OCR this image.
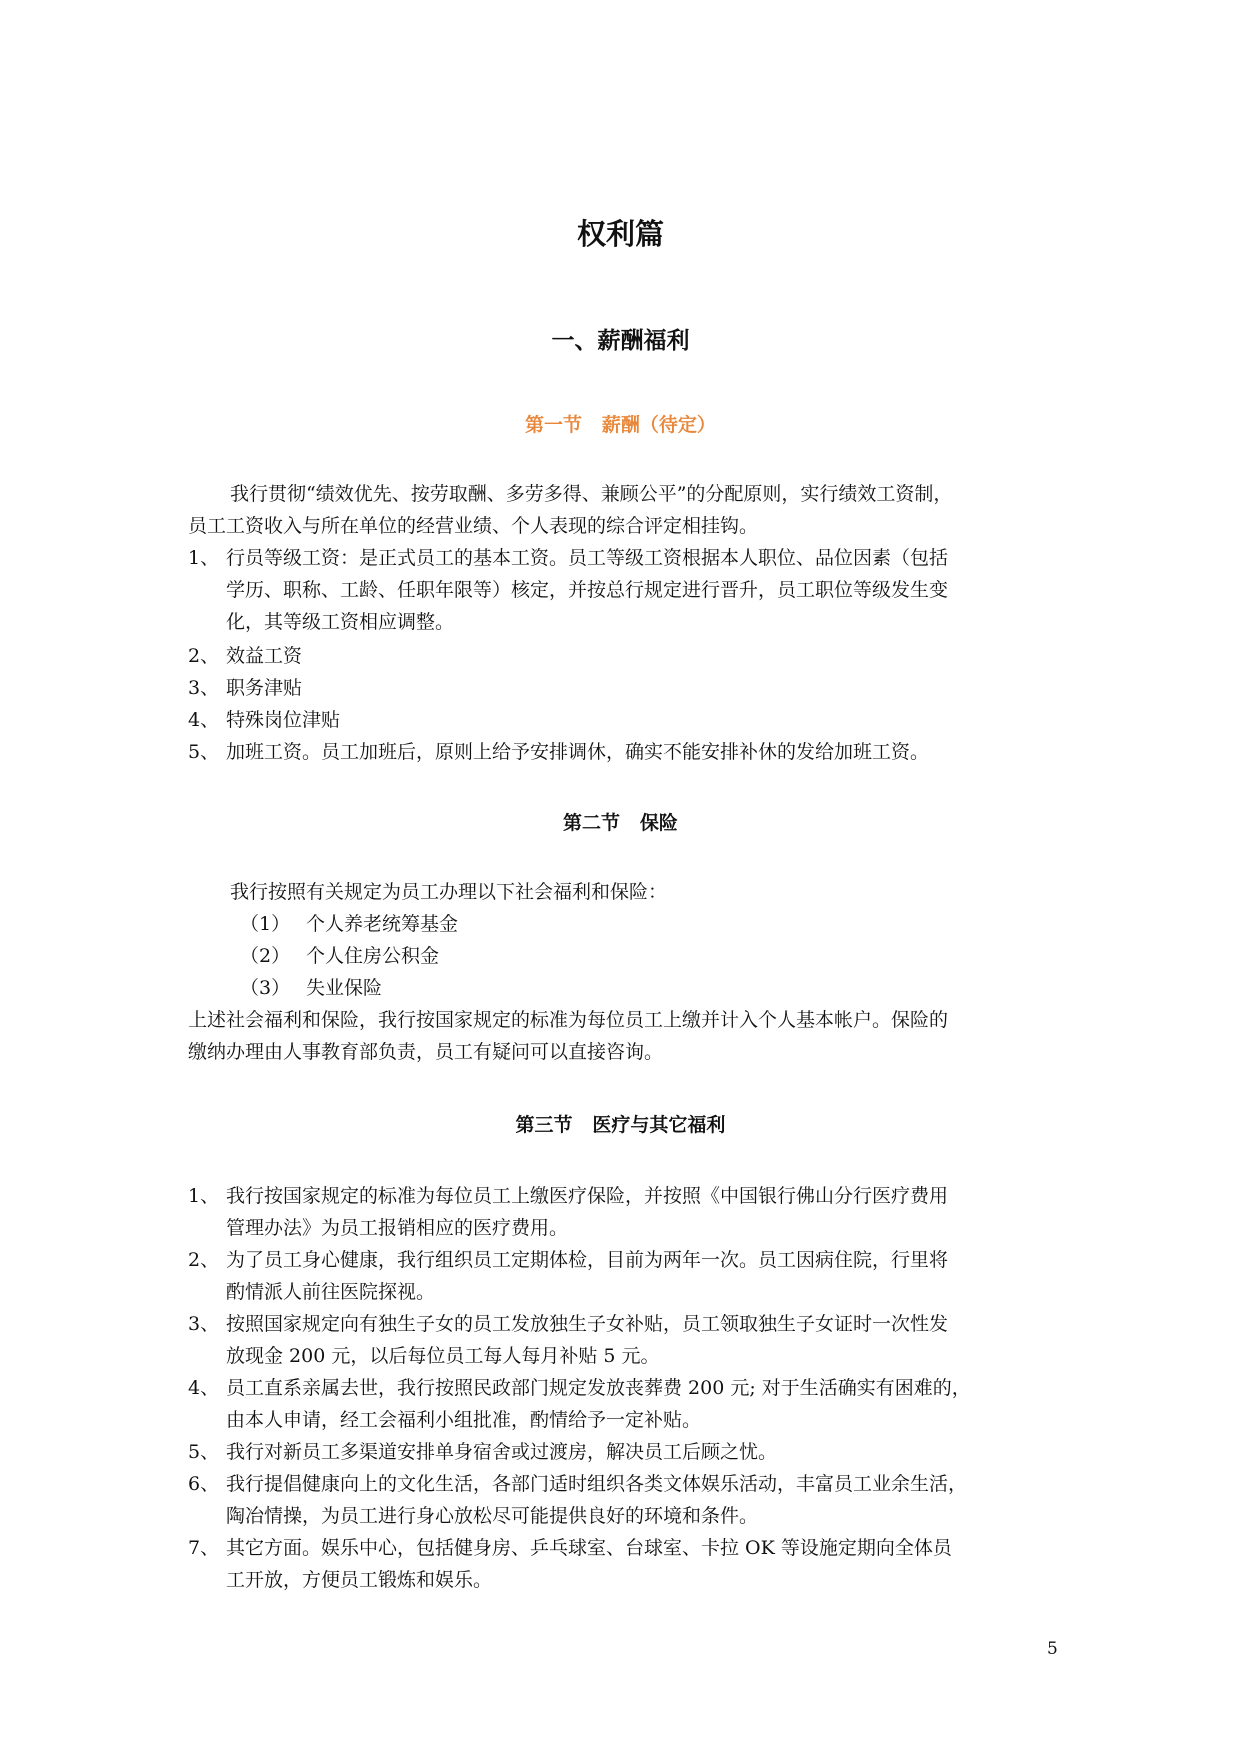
权利篇
一、薪酬福利
第一节 薪酬（待定）
我行贯彻“绩效优先、按劳取酬、多劳多得、兼顾公平”的分配原则，实行绩效工资制，
员工工资收入与所在单位的经营业绩、个人表现的综合评定相挂钩。
1、 行员等级工资：是正式员工的基本工资。员工等级工资根据本人职位、品位因素（包括
学历、职称、工龄、任职年限等）核定，并按总行规定进行晋升，员工职位等级发生变
化，其等级工资相应调整。
2、 效益工资
3、 职务津贴
4、 特殊岗位津贴
5、 加班工资。员工加班后，原则上给予安排调休，确实不能安排补休的发给加班工资。
第二节 保险
我行按照有关规定为员工办理以下社会福利和保险：
（1） 个人养老统筹基金
（2） 个人住房公积金
（3） 失业保险
上述社会福利和保险，我行按国家规定的标准为每位员工上缴并计入个人基本帐户。保险的
缴纳办理由人事教育部负责，员工有疑问可以直接咨询。
第三节 医疗与其它福利
1、 我行按国家规定的标准为每位员工上缴医疗保险，并按照《中国银行佛山分行医疗费用
管理办法》为员工报销相应的医疗费用。
2、 为了员工身心健康，我行组织员工定期体检，目前为两年一次。员工因病住院，行里将
酌情派人前往医院探视。
3、 按照国家规定向有独生子女的员工发放独生子女补贴，员工领取独生子女证时一次性发
放现金 200 元，以后每位员工每人每月补贴 5 元。
4、 员工直系亲属去世，我行按照民政部门规定发放丧葬费 200 元; 对于生活确实有困难的，
由本人申请，经工会福利小组批准，酌情给予一定补贴。
5、 我行对新员工多渠道安排单身宿舍或过渡房，解决员工后顾之忧。
6、 我行提倡健康向上的文化生活，各部门适时组织各类文体娱乐活动，丰富员工业余生活，
陶冶情操，为员工进行身心放松尽可能提供良好的环境和条件。
7、 其它方面。娱乐中心，包括健身房、乒乓球室、台球室、卡拉 OK 等设施定期向全体员
工开放，方便员工锻炼和娱乐。
5
